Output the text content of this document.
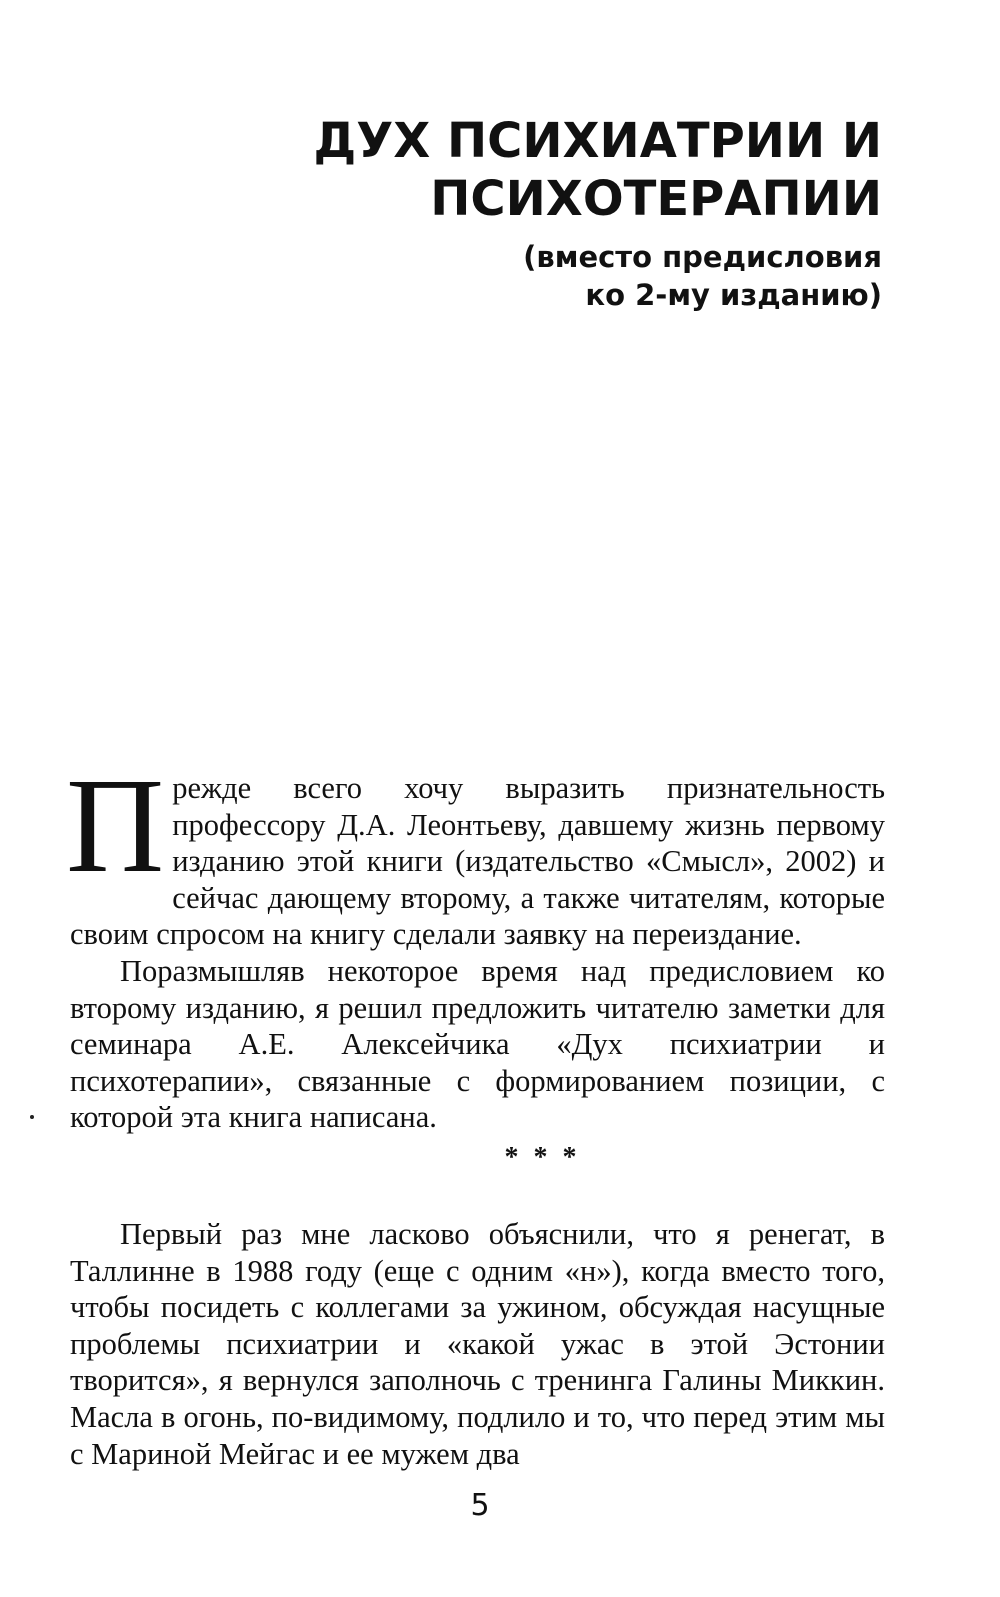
ДУХ ПСИХИАТРИИ И
ПСИХОТЕРАПИИ
(вместо предисловия
ко 2-му изданию)

Прежде всего хочу выразить признательность профессору Д.А. Леонтьеву, давшему жизнь первому изданию этой книги (издательство «Смысл», 2002) и сейчас дающему второму, а также читателям, которые своим спросом на книгу сделали заявку на переиздание.

Поразмышляв некоторое время над предисловием ко второму изданию, я решил предложить читателю заметки для семинара А.Е. Алексейчика «Дух психиатрии и психотерапии», связанные с формированием позиции, с которой эта книга написана.

* * *

Первый раз мне ласково объяснили, что я ренегат, в Таллинне в 1988 году (еще с одним «н»), когда вместо того, чтобы посидеть с коллегами за ужином, обсуждая насущные проблемы психиатрии и «какой ужас в этой Эстонии творится», я вернулся заполночь с тренинга Галины Миккин. Масла в огонь, по-видимому, подлило и то, что перед этим мы с Мариной Мейгас и ее мужем два

5
